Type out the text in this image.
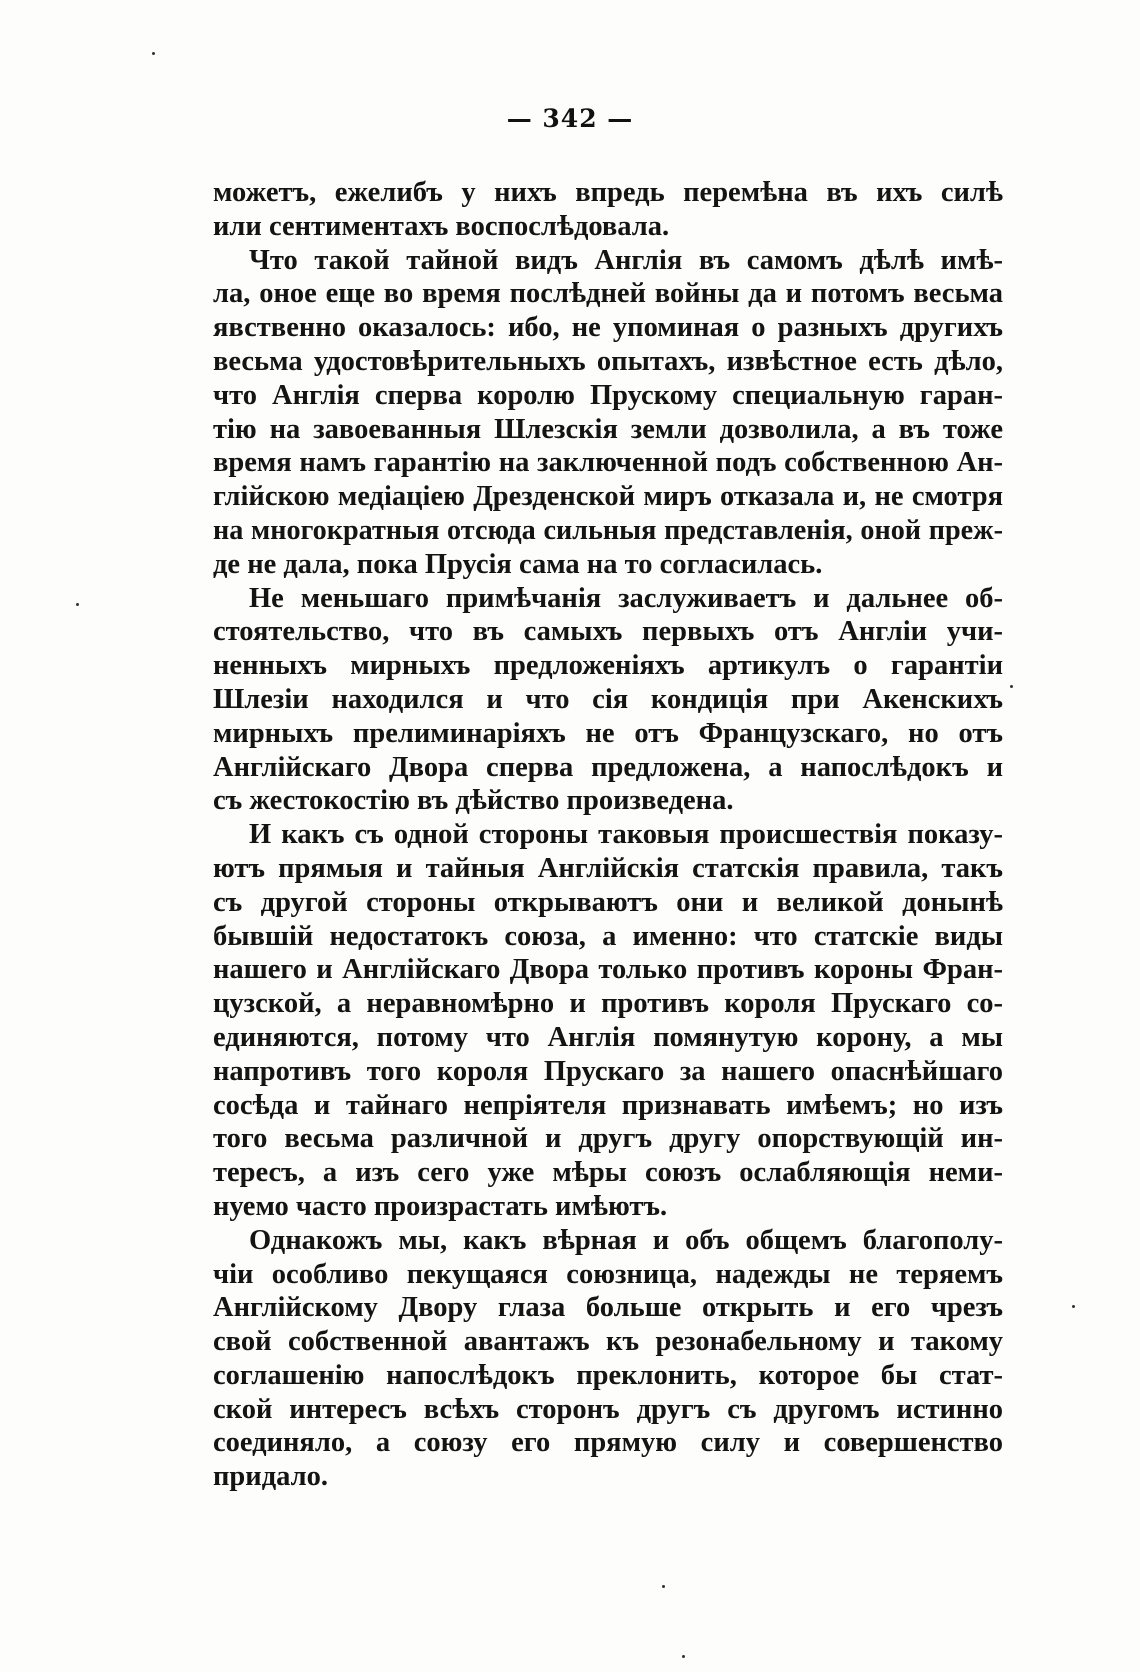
— 342 —
можетъ, ежелибъ у нихъ впредь перемѣна въ ихъ силѣ
или сентиментахъ воспослѣдовала.
Что такой тайной видъ Англія въ самомъ дѣлѣ имѣ-
ла, оное еще во время послѣдней войны да и потомъ весьма
явственно оказалось: ибо, не упоминая о разныхъ другихъ
весьма удостовѣрительныхъ опытахъ, извѣстное есть дѣло,
что Англія сперва королю Прускому специальную гаран-
тію на завоеванныя Шлезскія земли дозволила, а въ тоже
время намъ гарантію на заключенной подъ собственною Ан-
глійскою медіаціею Дрезденской миръ отказала и, не смотря
на многократныя отсюда сильныя представленія, оной преж-
де не дала, пока Прусія сама на то согласилась.
Не меньшаго примѣчанія заслуживаетъ и дальнее об-
стоятельство, что въ самыхъ первыхъ отъ Англіи учи-
ненныхъ мирныхъ предложеніяхъ артикулъ о гарантіи
Шлезіи находился и что сія кондиція при Акенскихъ
мирныхъ прелиминаріяхъ не отъ Французскаго, но отъ
Англійскаго Двора сперва предложена, а напослѣдокъ и
съ жестокостію въ дѣйство произведена.
И какъ съ одной стороны таковыя происшествія показу-
ютъ прямыя и тайныя Англійскія статскія правила, такъ
съ другой стороны открываютъ они и великой донынѣ
бывшій недостатокъ союза, а именно: что статскіе виды
нашего и Англійскаго Двора только противъ короны Фран-
цузской, а неравномѣрно и противъ короля Прускаго со-
единяются, потому что Англія помянутую корону, а мы
напротивъ того короля Прускаго за нашего опаснѣйшаго
сосѣда и тайнаго непріятеля признавать имѣемъ; но изъ
того весьма различной и другъ другу опорствующій ин-
тересъ, а изъ сего уже мѣры союзъ ослабляющія неми-
нуемо часто произрастать имѣютъ.
Однакожъ мы, какъ вѣрная и объ общемъ благополу-
чіи особливо пекущаяся союзница, надежды не теряемъ
Англійскому Двору глаза больше открыть и его чрезъ
свой собственной авантажъ къ резонабельному и такому
соглашенію напослѣдокъ преклонить, которое бы стат-
ской интересъ всѣхъ сторонъ другъ съ другомъ истинно
соединяло, а союзу его прямую силу и совершенство
придало.
